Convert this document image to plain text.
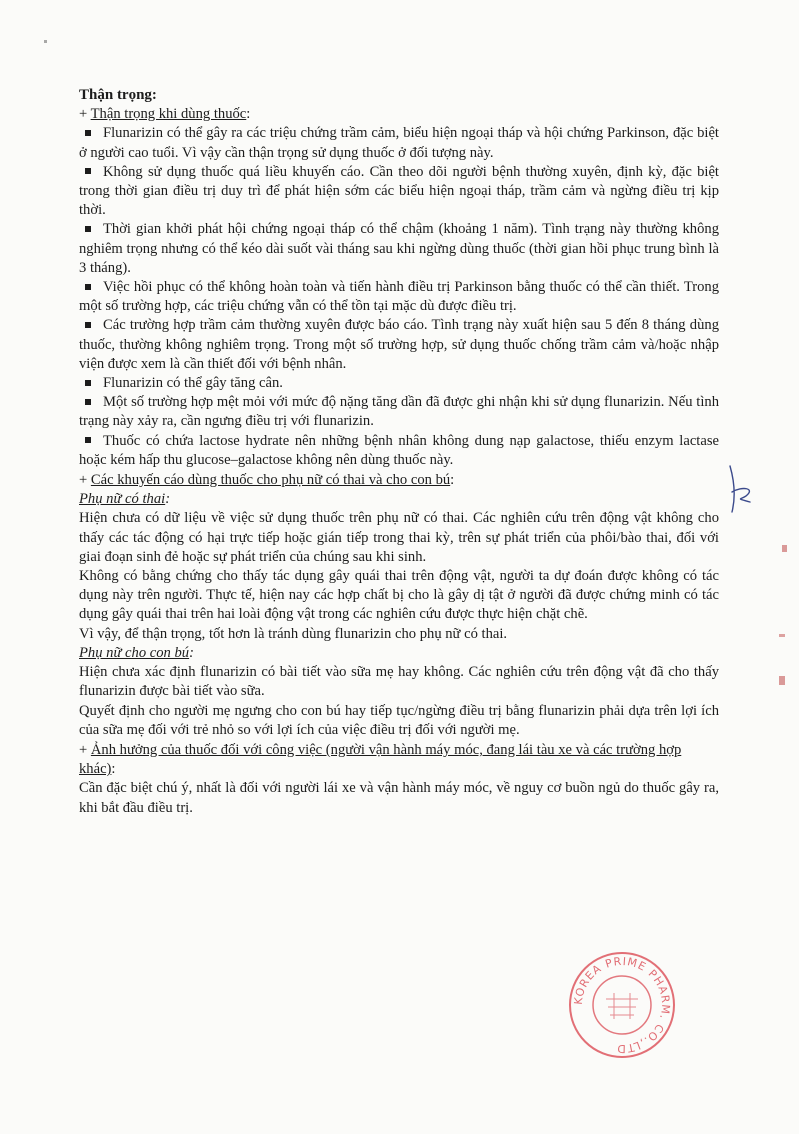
Thận trọng:
+ Thận trọng khi dùng thuốc:
Flunarizin có thể gây ra các triệu chứng trầm cảm, biểu hiện ngoại tháp và hội chứng Parkinson, đặc biệt ở người cao tuổi. Vì vậy cần thận trọng sử dụng thuốc ở đối tượng này.
Không sử dụng thuốc quá liều khuyến cáo. Cần theo dõi người bệnh thường xuyên, định kỳ, đặc biệt trong thời gian điều trị duy trì để phát hiện sớm các biểu hiện ngoại tháp, trầm cảm và ngừng điều trị kịp thời.
Thời gian khởi phát hội chứng ngoại tháp có thể chậm (khoảng 1 năm). Tình trạng này thường không nghiêm trọng nhưng có thể kéo dài suốt vài tháng sau khi ngừng dùng thuốc (thời gian hồi phục trung bình là 3 tháng).
Việc hồi phục có thể không hoàn toàn và tiến hành điều trị Parkinson bằng thuốc có thể cần thiết. Trong một số trường hợp, các triệu chứng vẫn có thể tồn tại mặc dù được điều trị.
Các trường hợp trầm cảm thường xuyên được báo cáo. Tình trạng này xuất hiện sau 5 đến 8 tháng dùng thuốc, thường không nghiêm trọng. Trong một số trường hợp, sử dụng thuốc chống trầm cảm và/hoặc nhập viện được xem là cần thiết đối với bệnh nhân.
Flunarizin có thể gây tăng cân.
Một số trường hợp mệt mỏi với mức độ nặng tăng dần đã được ghi nhận khi sử dụng flunarizin. Nếu tình trạng này xảy ra, cần ngưng điều trị với flunarizin.
Thuốc có chứa lactose hydrate nên những bệnh nhân không dung nạp galactose, thiếu enzym lactase hoặc kém hấp thu glucose–galactose không nên dùng thuốc này.
+ Các khuyến cáo dùng thuốc cho phụ nữ có thai và cho con bú:
Phụ nữ có thai:
Hiện chưa có dữ liệu về việc sử dụng thuốc trên phụ nữ có thai. Các nghiên cứu trên động vật không cho thấy các tác động có hại trực tiếp hoặc gián tiếp trong thai kỳ, trên sự phát triển của phôi/bào thai, đối với giai đoạn sinh đẻ hoặc sự phát triển của chúng sau khi sinh.
Không có bằng chứng cho thấy tác dụng gây quái thai trên động vật, người ta dự đoán được không có tác dụng này trên người. Thực tế, hiện nay các hợp chất bị cho là gây dị tật ở người đã được chứng minh có tác dụng gây quái thai trên hai loài động vật trong các nghiên cứu được thực hiện chặt chẽ.
Vì vậy, để thận trọng, tốt hơn là tránh dùng flunarizin cho phụ nữ có thai.
Phụ nữ cho con bú:
Hiện chưa xác định flunarizin có bài tiết vào sữa mẹ hay không. Các nghiên cứu trên động vật đã cho thấy flunarizin được bài tiết vào sữa.
Quyết định cho người mẹ ngưng cho con bú hay tiếp tục/ngừng điều trị bằng flunarizin phải dựa trên lợi ích của sữa mẹ đối với trẻ nhỏ so với lợi ích của việc điều trị đối với người mẹ.
+ Ảnh hưởng của thuốc đối với công việc (người vận hành máy móc, đang lái tàu xe và các trường hợp khác):
Cần đặc biệt chú ý, nhất là đối với người lái xe và vận hành máy móc, về nguy cơ buồn ngủ do thuốc gây ra, khi bắt đầu điều trị.
KOREA PRIME PHARM. CO.,LTD
